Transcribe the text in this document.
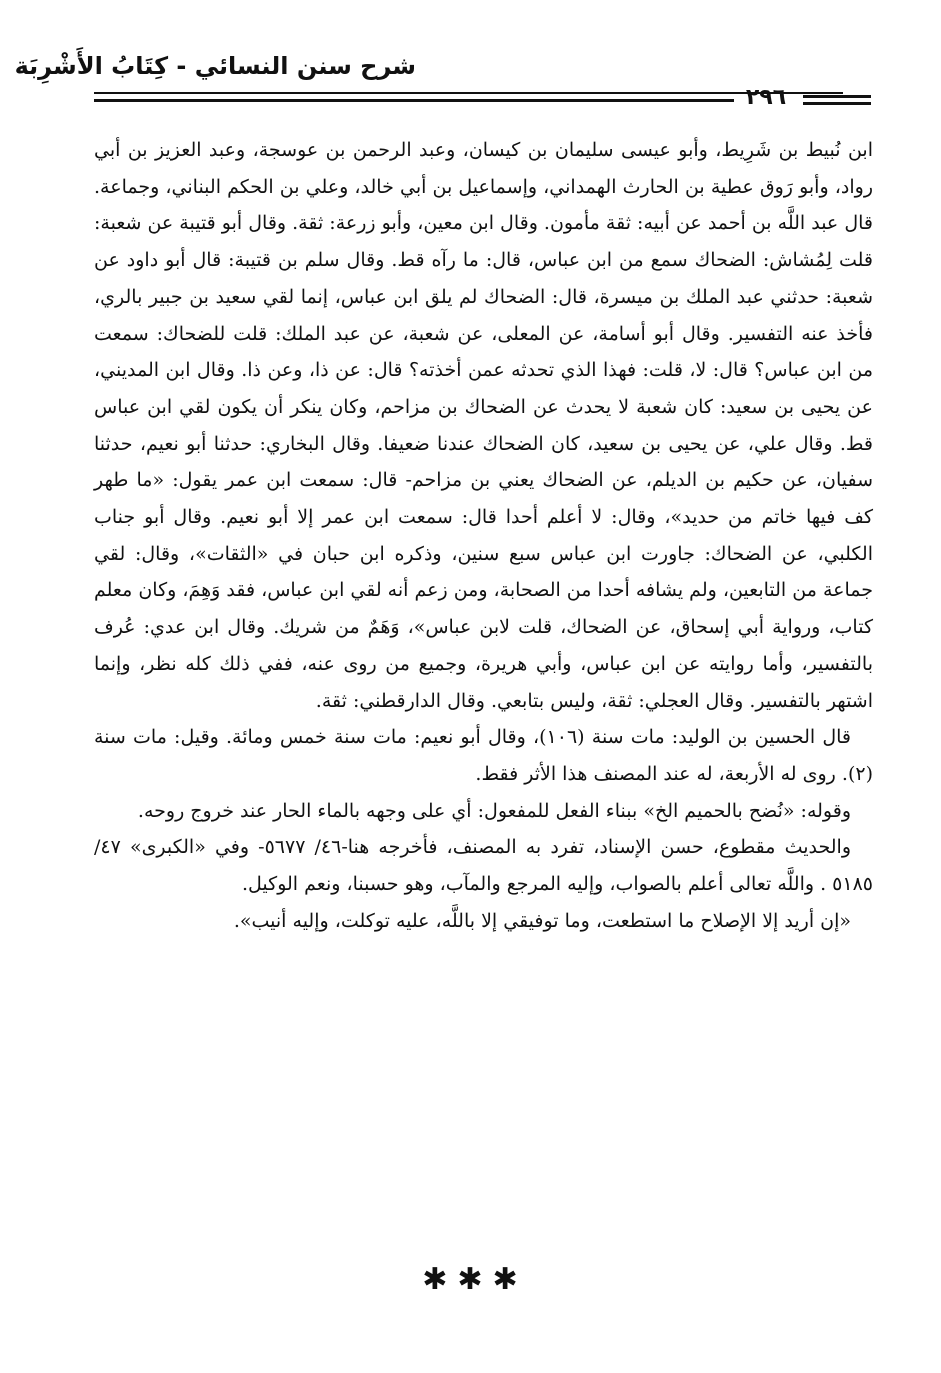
شرح سنن النسائي - كِتَابُ الأَشْرِبَة
٢٩٦

ابن نُبيط بن شَرِيط، وأبو عيسى سليمان بن كيسان، وعبد الرحمن بن عوسجة، وعبد العزيز بن أبي رواد، وأبو رَوق عطية بن الحارث الهمداني، وإسماعيل بن أبي خالد، وعلي بن الحكم البناني، وجماعة. قال عبد اللَّه بن أحمد عن أبيه: ثقة مأمون. وقال ابن معين، وأبو زرعة: ثقة. وقال أبو قتيبة عن شعبة: قلت لِمُشاش: الضحاك سمع من ابن عباس، قال: ما رآه قط. وقال سلم بن قتيبة: قال أبو داود عن شعبة: حدثني عبد الملك بن ميسرة، قال: الضحاك لم يلق ابن عباس، إنما لقي سعيد بن جبير بالري، فأخذ عنه التفسير. وقال أبو أسامة، عن المعلى، عن شعبة، عن عبد الملك: قلت للضحاك: سمعت من ابن عباس؟ قال: لا، قلت: فهذا الذي تحدثه عمن أخذته؟ قال: عن ذا، وعن ذا. وقال ابن المديني، عن يحيى بن سعيد: كان شعبة لا يحدث عن الضحاك بن مزاحم، وكان ينكر أن يكون لقي ابن عباس قط. وقال علي، عن يحيى بن سعيد، كان الضحاك عندنا ضعيفا. وقال البخاري: حدثنا أبو نعيم، حدثنا سفيان، عن حكيم بن الديلم، عن الضحاك يعني بن مزاحم- قال: سمعت ابن عمر يقول: «ما طهر كف فيها خاتم من حديد»، وقال: لا أعلم أحدا قال: سمعت ابن عمر إلا أبو نعيم. وقال أبو جناب الكلبي، عن الضحاك: جاورت ابن عباس سبع سنين، وذكره ابن حبان في «الثقات»، وقال: لقي جماعة من التابعين، ولم يشافه أحدا من الصحابة، ومن زعم أنه لقي ابن عباس، فقد وَهِمَ، وكان معلم كتاب، ورواية أبي إسحاق، عن الضحاك، قلت لابن عباس»، وَهَمٌ من شريك. وقال ابن عدي: عُرف بالتفسير، وأما روايته عن ابن عباس، وأبي هريرة، وجميع من روى عنه، ففي ذلك كله نظر، وإنما اشتهر بالتفسير. وقال العجلي: ثقة، وليس بتابعي. وقال الدارقطني: ثقة.

قال الحسين بن الوليد: مات سنة (١٠٦)، وقال أبو نعيم: مات سنة خمس ومائة. وقيل: مات سنة (٢). روى له الأربعة، له عند المصنف هذا الأثر فقط.

وقوله: «نُضح بالحميم الخ» ببناء الفعل للمفعول: أي على وجهه بالماء الحار عند خروج روحه.

والحديث مقطوع، حسن الإسناد، تفرد به المصنف، فأخرجه هنا-٤٦/ ٥٦٧٧- وفي «الكبرى» ٤٧/ ٥١٨٥ . واللَّه تعالى أعلم بالصواب، وإليه المرجع والمآب، وهو حسبنا، ونعم الوكيل.

«إن أريد إلا الإصلاح ما استطعت، وما توفيقي إلا باللَّه، عليه توكلت، وإليه أنيب».

✱✱✱
